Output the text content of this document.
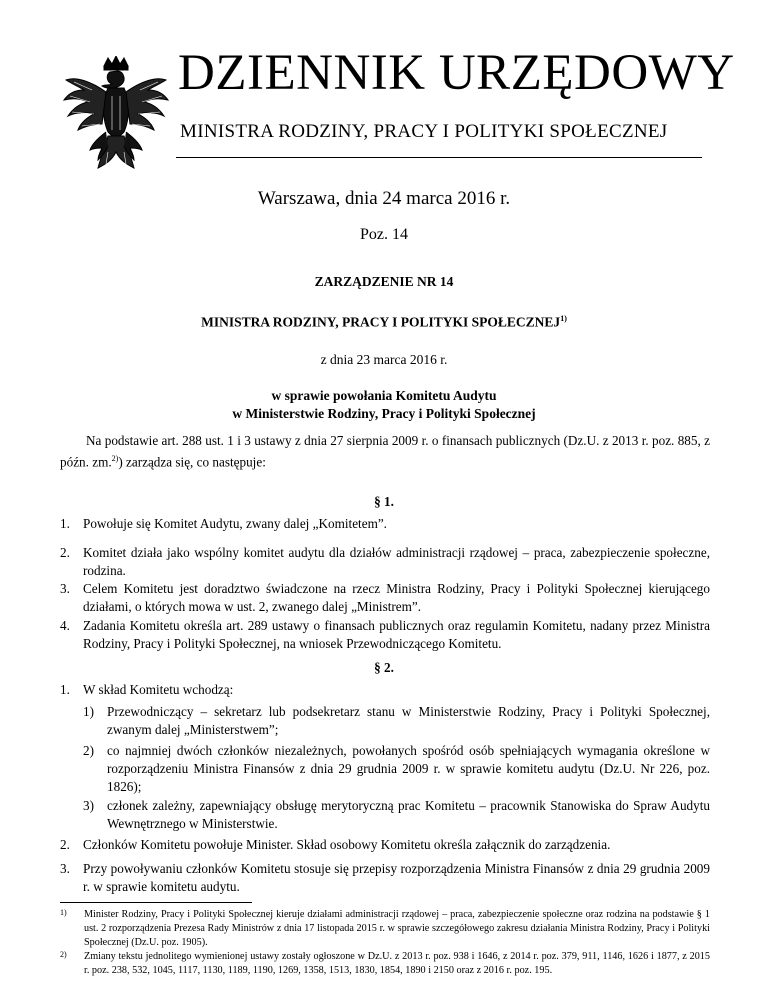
DZIENNIK URZĘDOWY
MINISTRA RODZINY, PRACY I POLITYKI SPOŁECZNEJ
Warszawa, dnia 24 marca 2016 r.
Poz. 14
ZARZĄDZENIE NR 14
MINISTRA RODZINY, PRACY I POLITYKI SPOŁECZNEJ$^{1)}$
z dnia 23 marca 2016 r.
w sprawie powołania Komitetu Audytu
w Ministerstwie Rodziny, Pracy i Polityki Społecznej
Na podstawie art. 288 ust. 1 i 3 ustawy z dnia 27 sierpnia 2009 r. o finansach publicznych (Dz.U. z 2013 r. poz. 885, z późn. zm.$^{2)}$) zarządza się, co następuje:
§ 1.
1. Powołuje się Komitet Audytu, zwany dalej „Komitetem”.
2. Komitet działa jako wspólny komitet audytu dla działów administracji rządowej – praca, zabezpieczenie społeczne, rodzina.
3. Celem Komitetu jest doradztwo świadczone na rzecz Ministra Rodziny, Pracy i Polityki Społecznej kierującego działami, o których mowa w ust. 2, zwanego dalej „Ministrem”.
4. Zadania Komitetu określa art. 289 ustawy o finansach publicznych oraz regulamin Komitetu, nadany przez Ministra Rodziny, Pracy i Polityki Społecznej, na wniosek Przewodniczącego Komitetu.
§ 2.
1. W skład Komitetu wchodzą:
1) Przewodniczący – sekretarz lub podsekretarz stanu w Ministerstwie Rodziny, Pracy i Polityki Społecznej, zwanym dalej „Ministerstwem”;
2) co najmniej dwóch członków niezależnych, powołanych spośród osób spełniających wymagania określone w rozporządzeniu Ministra Finansów z dnia 29 grudnia 2009 r. w sprawie komitetu audytu (Dz.U. Nr 226, poz. 1826);
3) członek zależny, zapewniający obsługę merytoryczną prac Komitetu – pracownik Stanowiska do Spraw Audytu Wewnętrznego w Ministerstwie.
2. Członków Komitetu powołuje Minister. Skład osobowy Komitetu określa załącznik do zarządzenia.
3. Przy powoływaniu członków Komitetu stosuje się przepisy rozporządzenia Ministra Finansów z dnia 29 grudnia 2009 r. w sprawie komitetu audytu.
1) Minister Rodziny, Pracy i Polityki Społecznej kieruje działami administracji rządowej – praca, zabezpieczenie społeczne oraz rodzina na podstawie § 1 ust. 2 rozporządzenia Prezesa Rady Ministrów z dnia 17 listopada 2015 r. w sprawie szczegółowego zakresu działania Ministra Rodziny, Pracy i Polityki Społecznej (Dz.U. poz. 1905).
2) Zmiany tekstu jednolitego wymienionej ustawy zostały ogłoszone w Dz.U. z 2013 r. poz. 938 i 1646, z 2014 r. poz. 379, 911, 1146, 1626 i 1877, z 2015 r. poz. 238, 532, 1045, 1117, 1130, 1189, 1190, 1269, 1358, 1513, 1830, 1854, 1890 i 2150 oraz z 2016 r. poz. 195.
